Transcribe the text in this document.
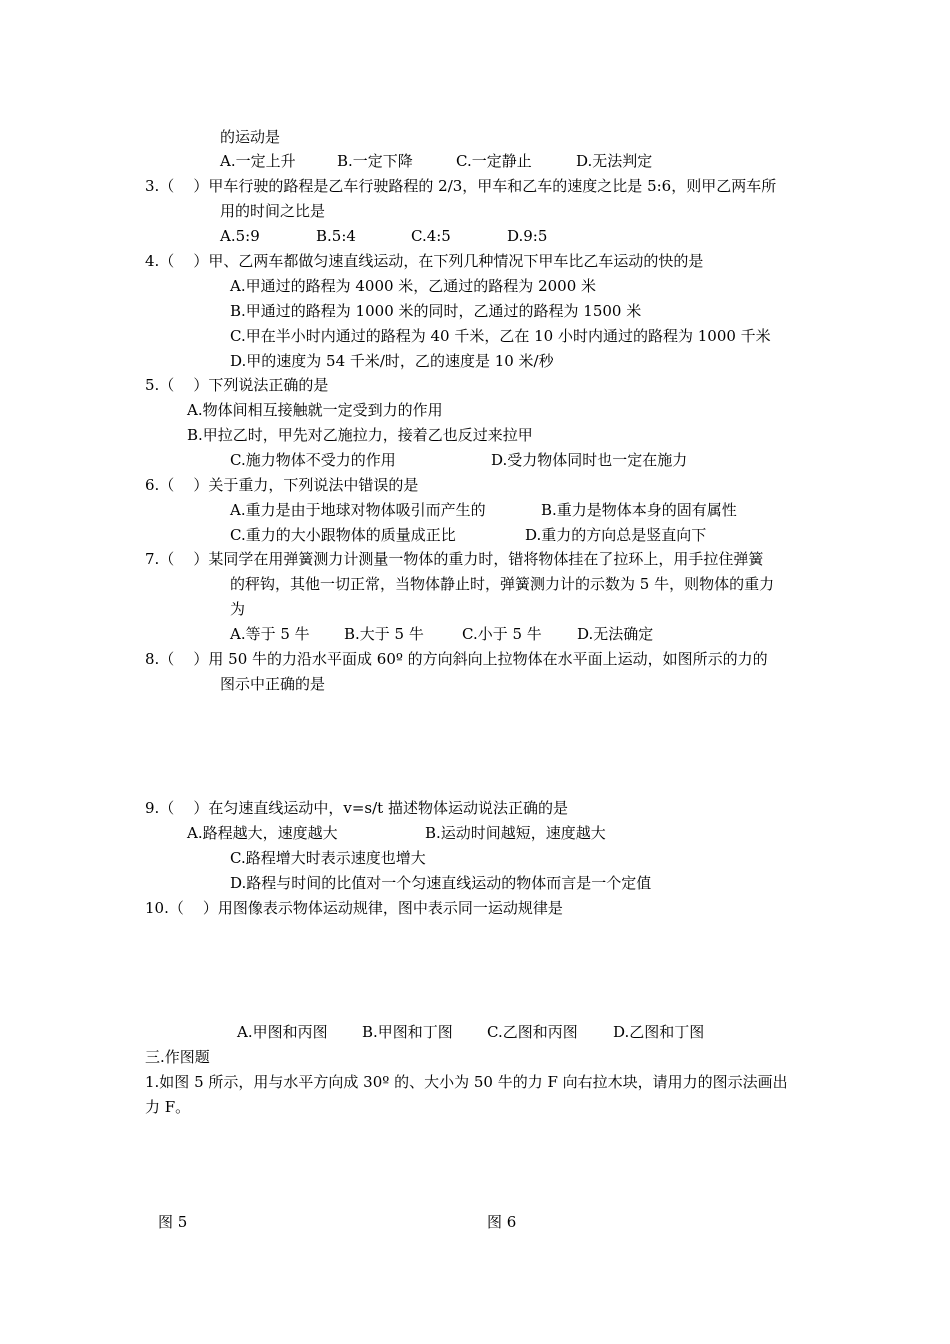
的运动是
A.一定上升	B.一定下降	C.一定静止	D.无法判定
3.（    ）甲车行驶的路程是乙车行驶路程的 2/3，甲车和乙车的速度之比是 5:6，则甲乙两车所
用的时间之比是
A.5:9	B.5:4	C.4:5	D.9:5
4.（    ）甲、乙两车都做匀速直线运动，在下列几种情况下甲车比乙车运动的快的是
A.甲通过的路程为 4000 米，乙通过的路程为 2000 米
B.甲通过的路程为 1000 米的同时，乙通过的路程为 1500 米
C.甲在半小时内通过的路程为 40 千米，乙在 10 小时内通过的路程为 1000 千米
D.甲的速度为 54 千米/时，乙的速度是 10 米/秒
5.（    ）下列说法正确的是
A.物体间相互接触就一定受到力的作用
B.甲拉乙时，甲先对乙施拉力，接着乙也反过来拉甲
C.施力物体不受力的作用	D.受力物体同时也一定在施力
6.（    ）关于重力，下列说法中错误的是
A.重力是由于地球对物体吸引而产生的	B.重力是物体本身的固有属性
C.重力的大小跟物体的质量成正比	D.重力的方向总是竖直向下
7.（    ）某同学在用弹簧测力计测量一物体的重力时，错将物体挂在了拉环上，用手拉住弹簧
的秤钩，其他一切正常，当物体静止时，弹簧测力计的示数为 5 牛，则物体的重力
为
A.等于 5 牛 B.大于 5 牛	C.小于 5 牛 D.无法确定
8.（    ）用 50 牛的力沿水平面成 60º 的方向斜向上拉物体在水平面上运动，如图所示的力的
图示中正确的是
9.（    ）在匀速直线运动中，v=s/t 描述物体运动说法正确的是
A.路程越大，速度越大	B.运动时间越短，速度越大
C.路程增大时表示速度也增大
D.路程与时间的比值对一个匀速直线运动的物体而言是一个定值
10.（    ）用图像表示物体运动规律，图中表示同一运动规律是
A.甲图和丙图 B.甲图和丁图 C.乙图和丙图 D.乙图和丁图
三.作图题
1.如图 5 所示，用与水平方向成 30º 的、大小为 50 牛的力 F 向右拉木块，请用力的图示法画出
力 F。
图 5	图 6
